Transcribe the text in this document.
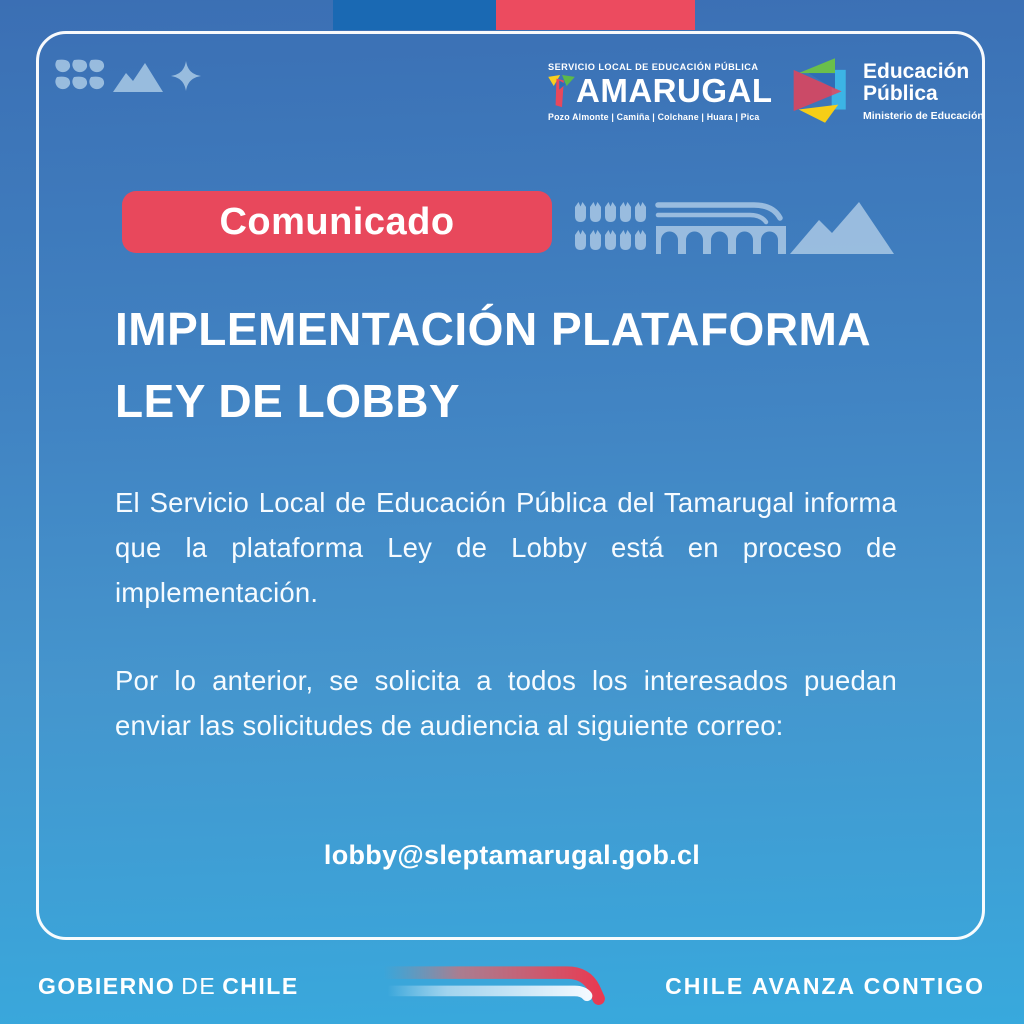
SERVICIO LOCAL DE EDUCACIÓN PÚBLICA
AMARUGAL
Pozo Almonte | Camiña | Colchane | Huara | Pica
Educación
Pública
Ministerio de Educación
Comunicado
IMPLEMENTACIÓN PLATAFORMA
LEY DE LOBBY
El Servicio Local de Educación Pública del Tamarugal informa que la plataforma Ley de Lobby está en proceso de implementación.
Por lo anterior, se solicita a todos los interesados puedan enviar las solicitudes de audiencia al siguiente correo:
lobby@sleptamarugal.gob.cl
GOBIERNO DE CHILE	CHILE AVANZA CONTIGO
